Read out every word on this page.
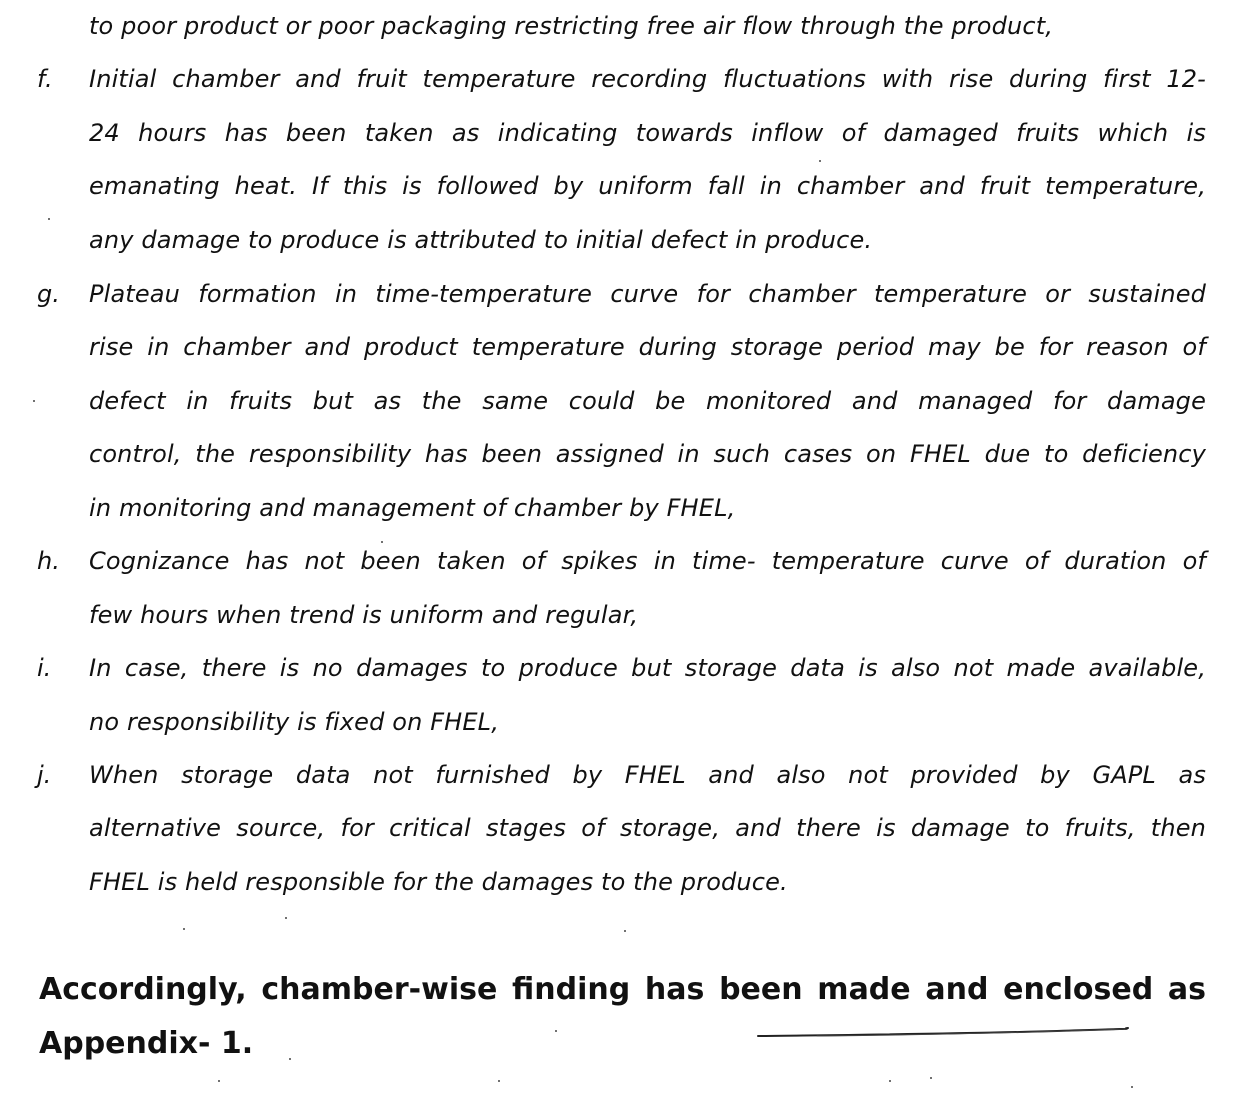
to poor product or poor packaging restricting free air flow through the product,
f. Initial chamber and fruit temperature recording fluctuations with rise during first 12-
24 hours has been taken as indicating towards inflow of damaged fruits which is
emanating heat. If this is followed by uniform fall in chamber and fruit temperature,
any damage to produce is attributed to initial defect in produce.
g. Plateau formation in time-temperature curve for chamber temperature or sustained
rise in chamber and product temperature during storage period may be for reason of
defect in fruits but as the same could be monitored and managed for damage
control, the responsibility has been assigned in such cases on FHEL due to deficiency
in monitoring and management of chamber by FHEL,
h. Cognizance has not been taken of spikes in time- temperature curve of duration of
few hours when trend is uniform and regular,
i. In case, there is no damages to produce but storage data is also not made available,
no responsibility is fixed on FHEL,
j. When storage data not furnished by FHEL and also not provided by GAPL as
alternative source, for critical stages of storage, and there is damage to fruits, then
FHEL is held responsible for the damages to the produce.
Accordingly, chamber-wise finding has been made and enclosed as
Appendix- 1.
